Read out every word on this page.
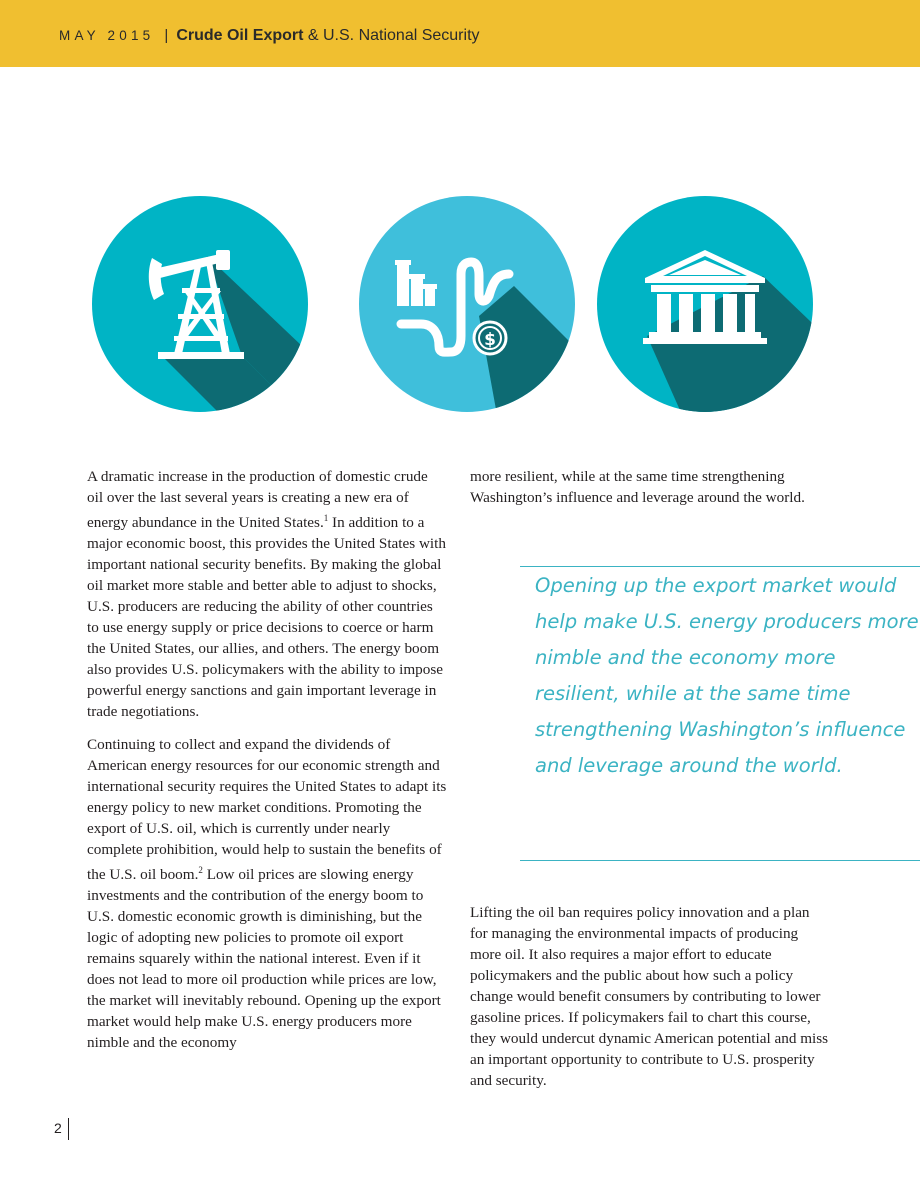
MAY 2015 | Crude Oil Export & U.S. National Security
$

A dramatic increase in the production of domestic crude oil over the last several years is creating a new era of energy abundance in the United States.$^1$ In addition to a major economic boost, this provides the United States with important national security benefits. By making the global oil market more stable and better able to adjust to shocks, U.S. producers are reducing the ability of other countries to use energy supply or price decisions to coerce or harm the United States, our allies, and others. The energy boom also provides U.S. policymakers with the ability to impose powerful energy sanctions and gain important leverage in trade negotiations.

Continuing to collect and expand the dividends of American energy resources for our economic strength and international security requires the United States to adapt its energy policy to new market conditions. Promoting the export of U.S. oil, which is currently under nearly complete prohibition, would help to sustain the benefits of the U.S. oil boom.$^2$ Low oil prices are slowing energy investments and the contribution of the energy boom to U.S. domestic economic growth is diminishing, but the logic of adopting new policies to promote oil export remains squarely within the national interest. Even if it does not lead to more oil production while prices are low, the market will inevitably rebound. Opening up the export market would help make U.S. energy producers more nimble and the economy

more resilient, while at the same time strengthening Washington’s influence and leverage around the world.

Opening up the export market would help make U.S. energy producers more nimble and the economy more resilient, while at the same time strengthening Washington’s influence and leverage around the world.

Lifting the oil ban requires policy innovation and a plan for managing the environmental impacts of producing more oil. It also requires a major effort to educate policymakers and the public about how such a policy change would benefit consumers by contributing to lower gasoline prices. If policymakers fail to chart this course, they would undercut dynamic American potential and miss an important opportunity to contribute to U.S. prosperity and security.

2
